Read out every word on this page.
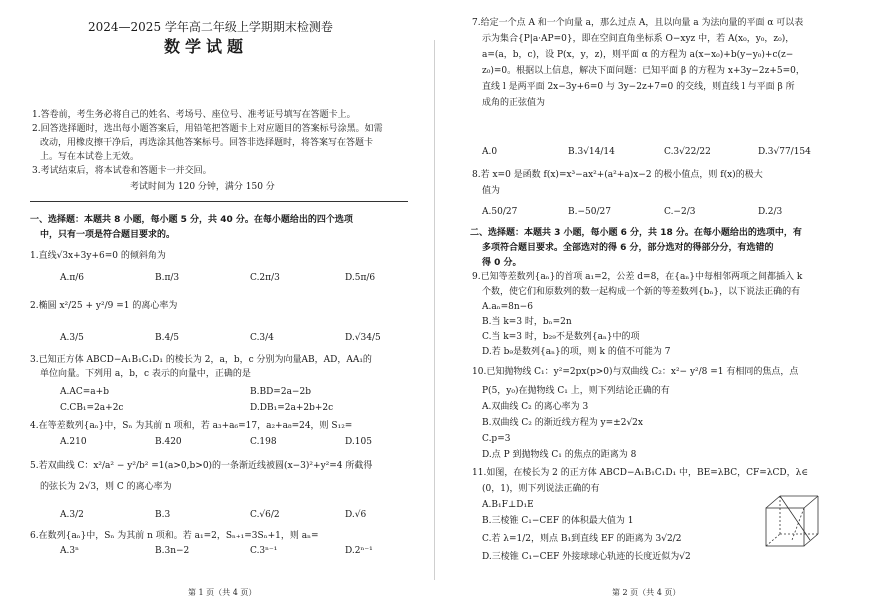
2024—2025 学年高二年级上学期期末检测卷
数学试题
1.答卷前，考生务必将自己的姓名、考场号、座位号、准考证号填写在答题卡上。
2.回答选择题时，选出每小题答案后，用铅笔把答题卡上对应题目的答案标号涂黑。如需
改动，用橡皮擦干净后，再选涂其他答案标号。回答非选择题时，将答案写在答题卡
上。写在本试卷上无效。
3.考试结束后，将本试卷和答题卡一并交回。
考试时间为 120 分钟，满分 150 分
一、选择题：本题共 8 小题，每小题 5 分，共 40 分。在每小题给出的四个选项
中，只有一项是符合题目要求的。
1.直线√3x+3y+6=0 的倾斜角为
A.π/6	B.π/3	C.2π/3	D.5π/6
2.椭圆 x²/25 + y²/9 =1 的离心率为
A.3/5	B.4/5	C.3/4	D.√34/5
3.已知正方体 ABCD−A₁B₁C₁D₁ 的棱长为 2，a，b，c 分别为向量AB，AD，AA₁的
单位向量。下列用 a，b，c 表示的向量中，正确的是
A.AC=a+b	B.BD=2a−2b
C.CB₁=2a+2c	D.DB₁=2a+2b+2c
4.在等差数列{aₙ}中，Sₙ 为其前 n 项和，若 a₃+a₆=17，a₂+a₈=24，则 S₁₂=
A.210	B.420	C.198	D.105
5.若双曲线 C：x²/a² − y²/b² =1(a>0,b>0)的一条渐近线被圆(x−3)²+y²=4 所截得
的弦长为 2√3，则 C 的离心率为
A.3/2	B.3	C.√6/2	D.√6
6.在数列{aₙ}中，Sₙ 为其前 n 项和。若 a₁=2，Sₙ₊₁=3Sₙ+1，则 aₙ=
A.3ⁿ	B.3n−2	C.3ⁿ⁻¹	D.2ⁿ⁻¹
第 1 页（共 4 页）
7.给定一个点 A 和一个向量 a，那么过点 A，且以向量 a 为法向量的平面 α 可以表
示为集合{P|a·AP=0}，即在空间直角坐标系 O−xyz 中，若 A(x₀，y₀，z₀)，
a=(a，b，c)，设 P(x，y，z)，则平面 α 的方程为 a(x−x₀)+b(y−y₀)+c(z−
z₀)=0。根据以上信息，解决下面问题：已知平面 β 的方程为 x+3y−2z+5=0，
直线 l 是两平面 2x−3y+6=0 与 3y−2z+7=0 的交线，则直线 l 与平面 β 所
成角的正弦值为
A.0	B.3√14/14	C.3√22/22	D.3√77/154
8.若 x=0 是函数 f(x)=x³−ax²+(a²+a)x−2 的极小值点，则 f(x)的极大
值为
A.50/27	B.−50/27	C.−2/3	D.2/3
二、选择题：本题共 3 小题，每小题 6 分，共 18 分。在每小题给出的选项中，有
多项符合题目要求。全部选对的得 6 分，部分选对的得部分分，有选错的
得 0 分。
9.已知等差数列{aₙ}的首项 a₁=2，公差 d=8，在{aₙ}中每相邻两项之间都插入 k
个数，使它们和原数列的数一起构成一个新的等差数列{bₙ}，以下说法正确的有
A.aₙ=8n−6
B.当 k=3 时，bₙ=2n
C.当 k=3 时，b₂₉不是数列{aₙ}中的项
D.若 b₉是数列{aₙ}的项，则 k 的值不可能为 7
10.已知抛物线 C₁：y²=2px(p>0)与双曲线 C₂：x²− y²/8 =1 有相同的焦点，点
P(5，y₀)在抛物线 C₁ 上，则下列结论正确的有
A.双曲线 C₂ 的离心率为 3
B.双曲线 C₂ 的渐近线方程为 y=±2√2x
C.p=3
D.点 P 到抛物线 C₁ 的焦点的距离为 8
11.如图，在棱长为 2 的正方体 ABCD−A₁B₁C₁D₁ 中，BE=λBC，CF=λCD，λ∈
(0，1)，则下列说法正确的有
A.B₁F⊥D₁E
B.三棱锥 C₁−CEF 的体积最大值为 1
C.若 λ=1/2，则点 B₁到直线 EF 的距离为 3√2/2
D.三棱锥 C₁−CEF 外接球球心轨迹的长度近似为√2
第 2 页（共 4 页）
